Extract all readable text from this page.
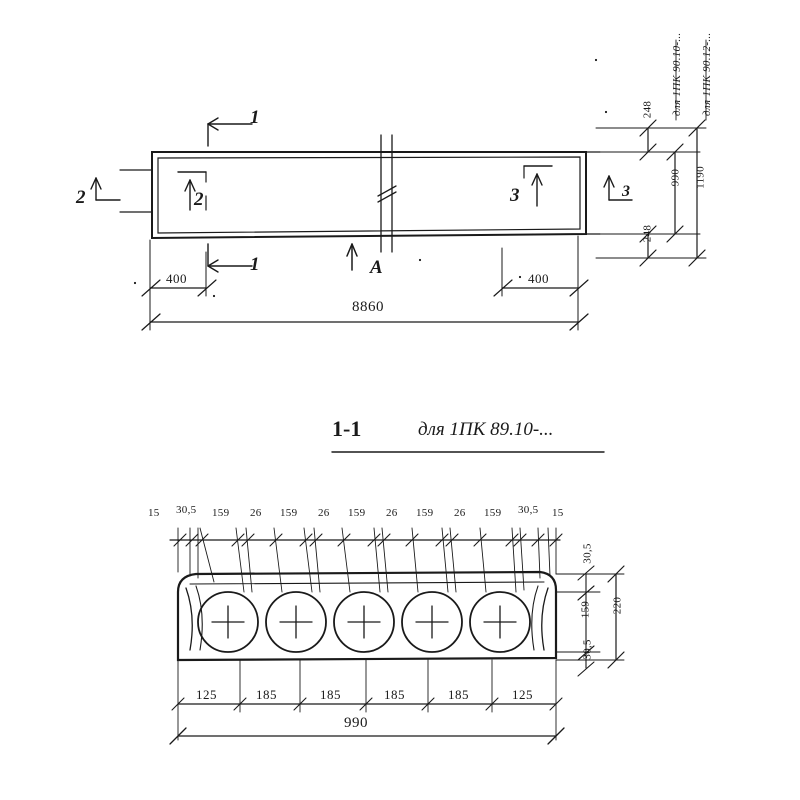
1
1
2	2	3	3
A
400	400
8860
248
248
990 1190
для 1ПК 90.10-... для 1ПК 90.12-...
1-1	для 1ПК 89.10-...
15 30,5 159 26 159 26 159 26 159 26 159 30,5 15
30,5
159
30,5
220
125	185	185	185	185	125
990
